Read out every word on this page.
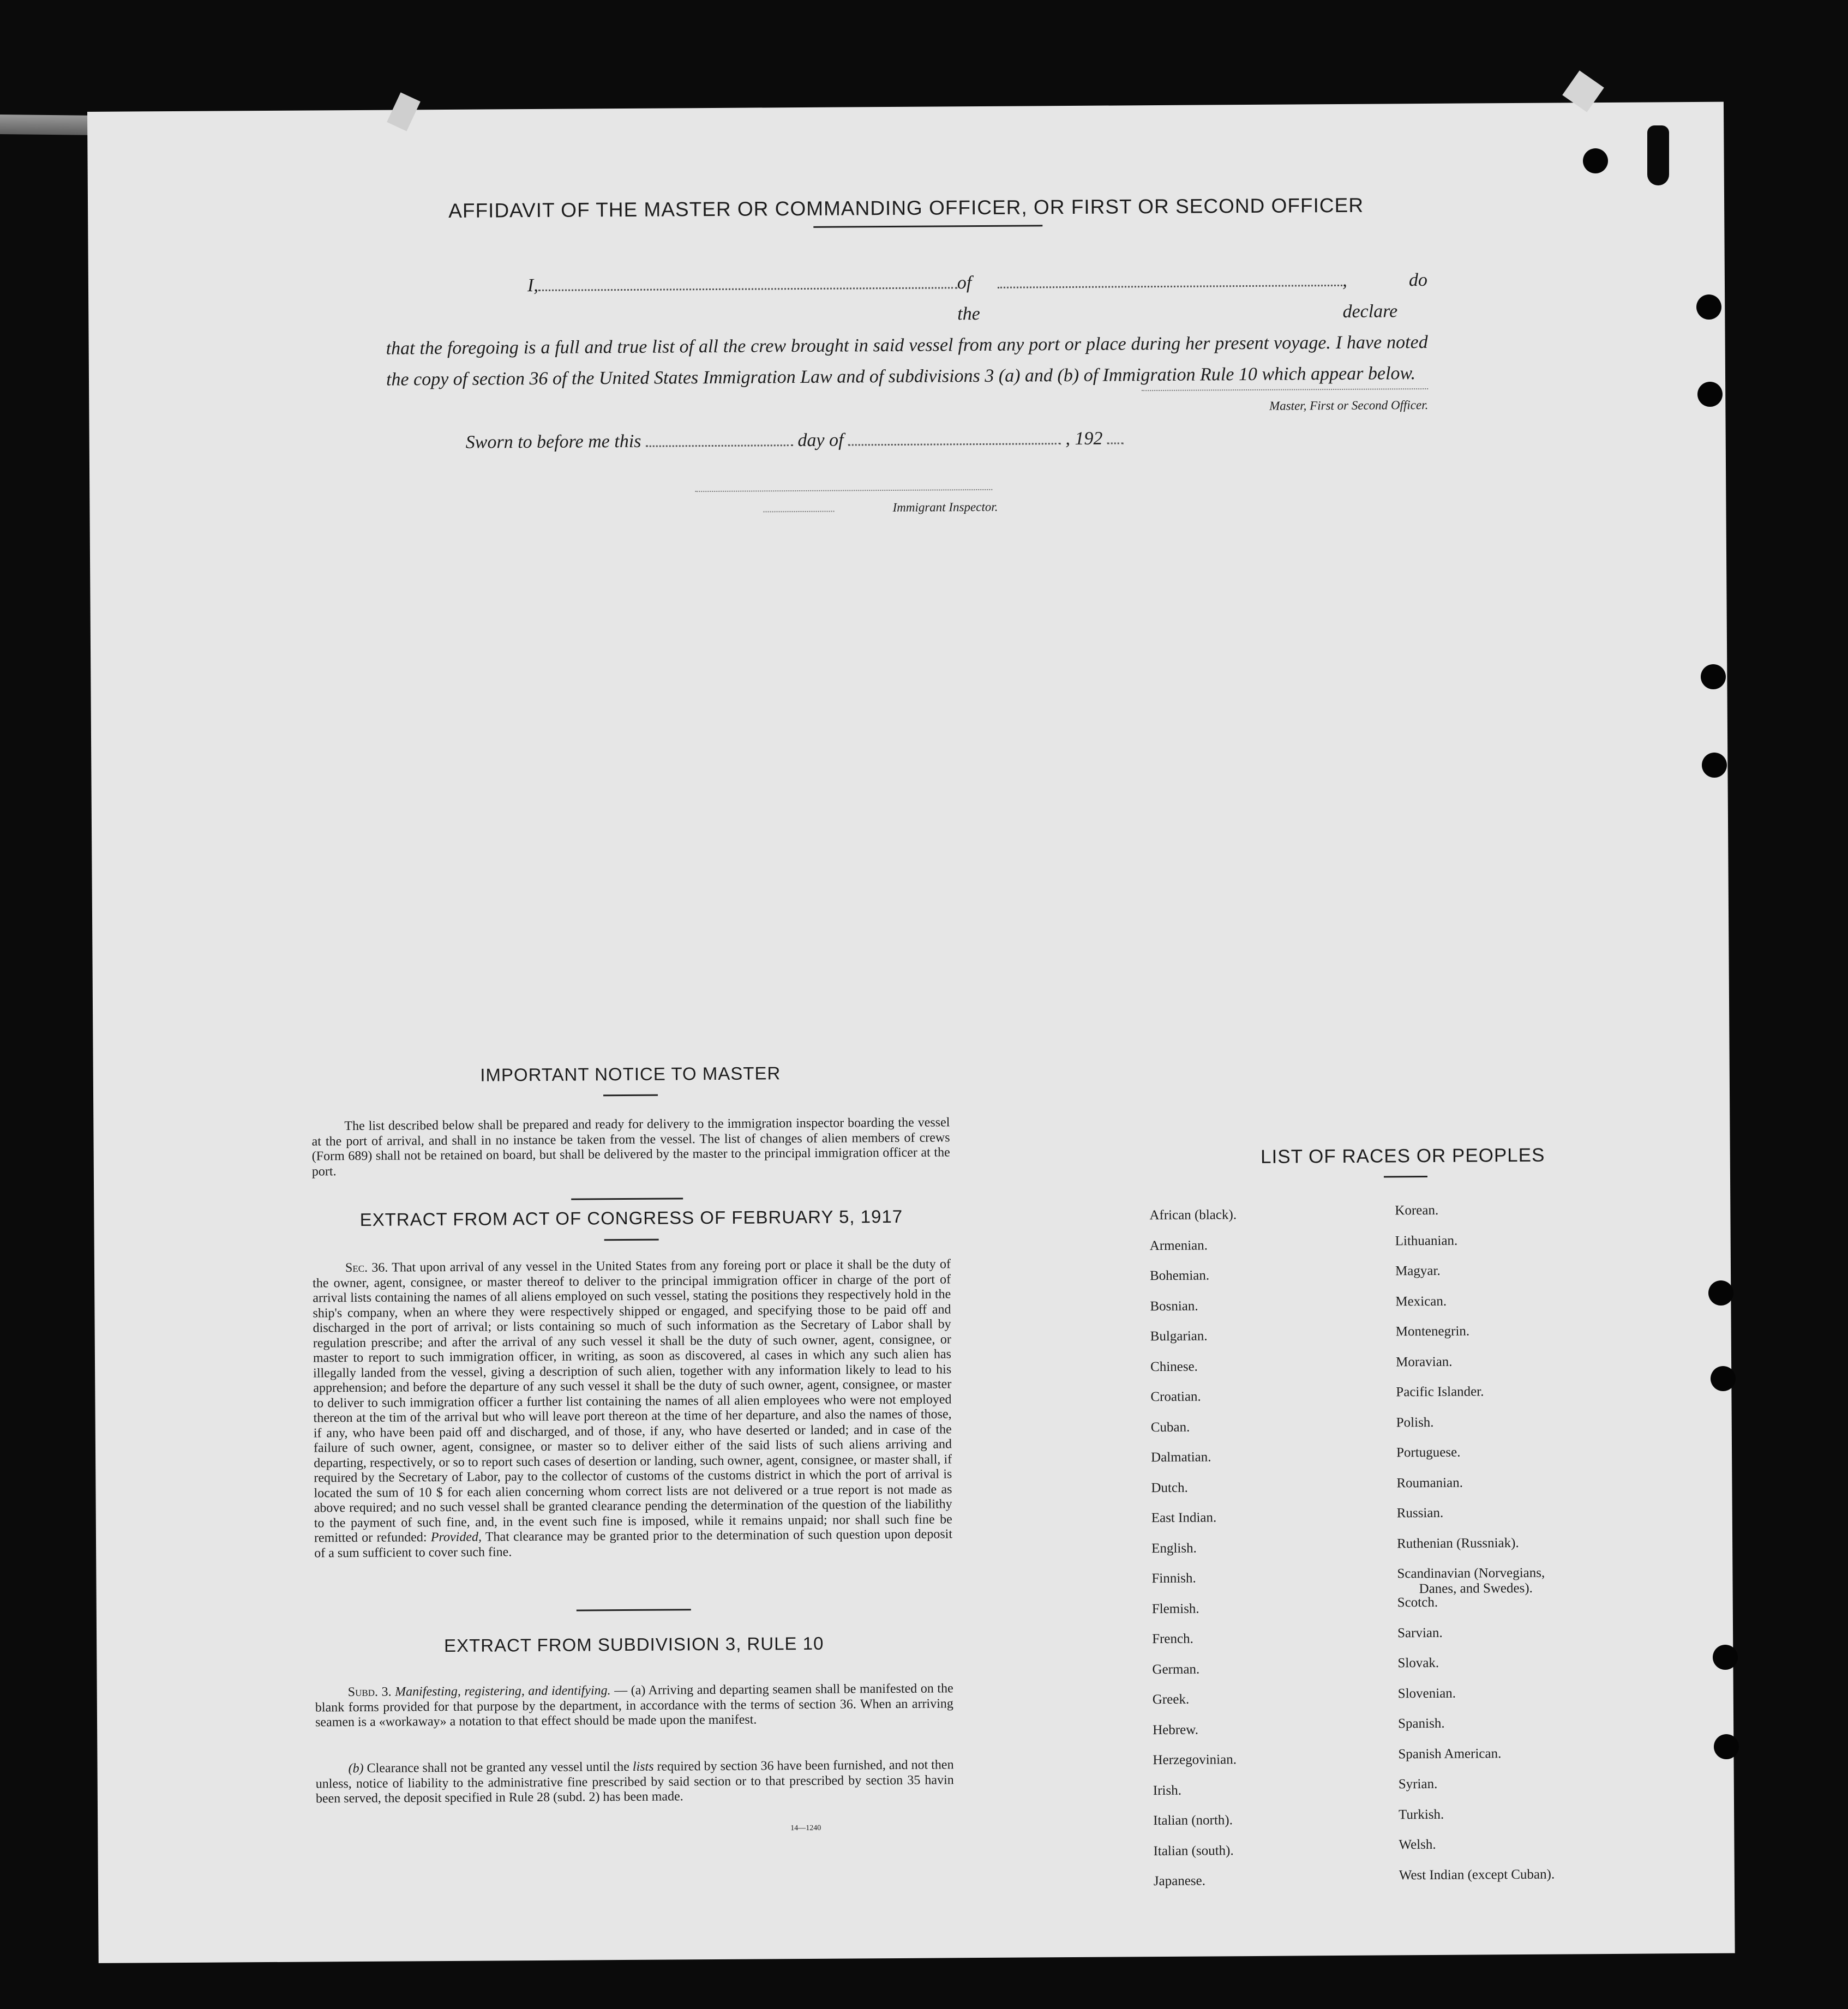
AFFIDAVIT OF THE MASTER OR COMMANDING OFFICER, OR FIRST OR SECOND OFFICER
I,	of the
, do declare
that the foregoing is a full and true list of all the crew brought in said vessel from any port or place during her present voyage. I have noted the copy of section 36 of the United States Immigration Law and of subdivisions 3 (a) and (b) of Immigration Rule 10 which appear below.
Master, First or Second Officer.
Sworn to before me this	day of	, 192
Immigrant Inspector.
IMPORTANT NOTICE TO MASTER
The list described below shall be prepared and ready for delivery to the immigration inspector boarding the vessel at the port of arrival, and shall in no instance be taken from the vessel. The list of changes of alien members of crews (Form 689) shall not be retained on board, but shall be delivered by the master to the principal immigration officer at the port.
EXTRACT FROM ACT OF CONGRESS OF FEBRUARY 5, 1917
Sec. 36. That upon arrival of any vessel in the United States from any foreing port or place it shall be the duty of the owner, agent, consignee, or master thereof to deliver to the principal immigration officer in charge of the port of arrival lists containing the names of all aliens employed on such vessel, stating the positions they respectively hold in the ship's company, when an where they were respectively shipped or engaged, and specifying those to be paid off and discharged in the port of arrival; or lists containing so much of such information as the Secretary of Labor shall by regulation prescribe; and after the arrival of any such vessel it shall be the duty of such owner, agent, consignee, or master to report to such immigration officer, in writing, as soon as discovered, al cases in which any such alien has illegally landed from the vessel, giving a description of such alien, together with any information likely to lead to his apprehension; and before the departure of any such vessel it shall be the duty of such owner, agent, consignee, or master to deliver to such immigration officer a further list containing the names of all alien employees who were not employed thereon at the tim of the arrival but who will leave port thereon at the time of her departure, and also the names of those, if any, who have been paid off and discharged, and of those, if any, who have deserted or landed; and in case of the failure of such owner, agent, consignee, or master so to deliver either of the said lists of such aliens arriving and departing, respectively, or so to report such cases of desertion or landing, such owner, agent, consignee, or master shall, if required by the Secretary of Labor, pay to the collector of customs of the customs district in which the port of arrival is located the sum of 10 $ for each alien concerning whom correct lists are not delivered or a true report is not made as above required; and no such vessel shall be granted clearance pending the determination of the question of the liabilithy to the payment of such fine, and, in the event such fine is imposed, while it remains unpaid; nor shall such fine be remitted or refunded: Provided, That clearance may be granted prior to the determination of such question upon deposit of a sum sufficient to cover such fine.
EXTRACT FROM SUBDIVISION 3, RULE 10
Subd. 3. Manifesting, registering, and identifying. — (a) Arriving and departing seamen shall be manifested on the blank forms provided for that purpose by the department, in accordance with the terms of section 36. When an arriving seamen is a «workaway» a notation to that effect should be made upon the manifest.
(b) Clearance shall not be granted any vessel until the lists required by section 36 have been furnished, and not then unless, notice of liability to the administrative fine prescribed by said section or to that prescribed by section 35 havin been served, the deposit specified in Rule 28 (subd. 2) has been made.
14—1240
LIST OF RACES OR PEOPLES
African (black).
Armenian.
Bohemian.
Bosnian.
Bulgarian.
Chinese.
Croatian.
Cuban.
Dalmatian.
Dutch.
East Indian.
English.
Finnish.
Flemish.
French.
German.
Greek.
Hebrew.
Herzegovinian.
Irish.
Italian (north).
Italian (south).
Japanese.
Korean.
Lithuanian.
Magyar.
Mexican.
Montenegrin.
Moravian.
Pacific Islander.
Polish.
Portuguese.
Roumanian.
Russian.
Ruthenian (Russniak).
Scandinavian (Norvegians,
Danes, and Swedes).
Scotch.
Sarvian.
Slovak.
Slovenian.
Spanish.
Spanish American.
Syrian.
Turkish.
Welsh.
West Indian (except Cuban).
